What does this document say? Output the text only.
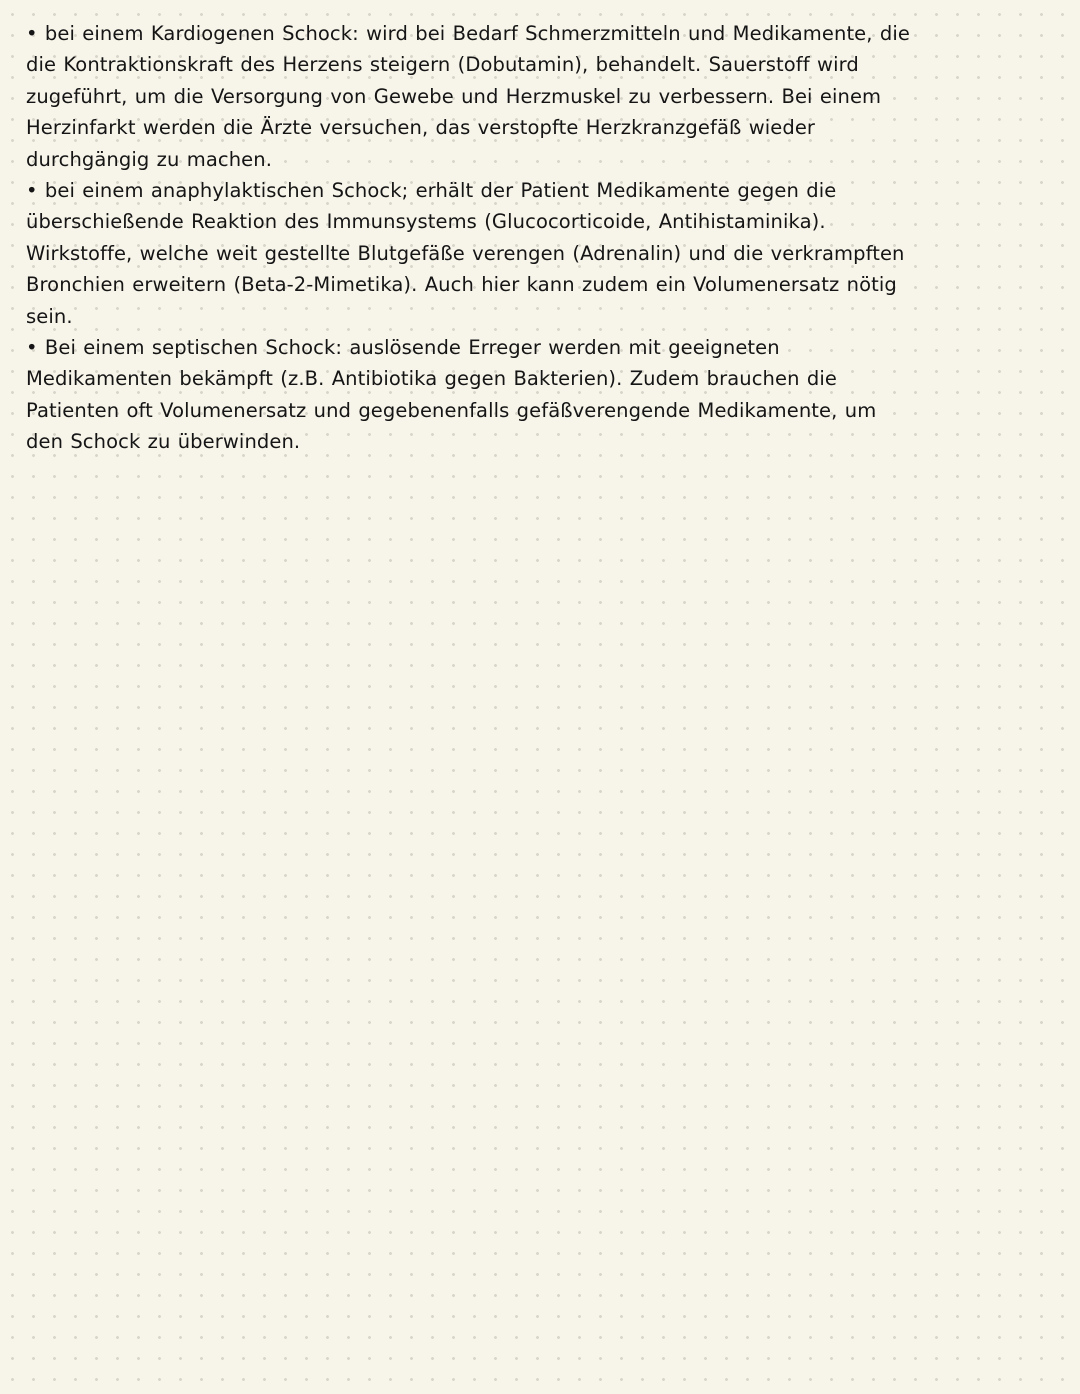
• bei einem Kardiogenen Schock: wird bei Bedarf Schmerzmitteln und Medikamente, die
die Kontraktionskraft des Herzens steigern (Dobutamin), behandelt. Sauerstoff wird
zugeführt, um die Versorgung von Gewebe und Herzmuskel zu verbessern. Bei einem
Herzinfarkt werden die Ärzte versuchen, das verstopfte Herzkranzgefäß wieder
durchgängig zu machen.
• bei einem anaphylaktischen Schock; erhält der Patient Medikamente gegen die
überschießende Reaktion des Immunsystems (Glucocorticoide, Antihistaminika).
Wirkstoffe, welche weit gestellte Blutgefäße verengen (Adrenalin) und die verkrampften
Bronchien erweitern (Beta-2-Mimetika). Auch hier kann zudem ein Volumenersatz nötig
sein.
• Bei einem septischen Schock: auslösende Erreger werden mit geeigneten
Medikamenten bekämpft (z.B. Antibiotika gegen Bakterien). Zudem brauchen die
Patienten oft Volumenersatz und gegebenenfalls gefäßverengende Medikamente, um
den Schock zu überwinden.
